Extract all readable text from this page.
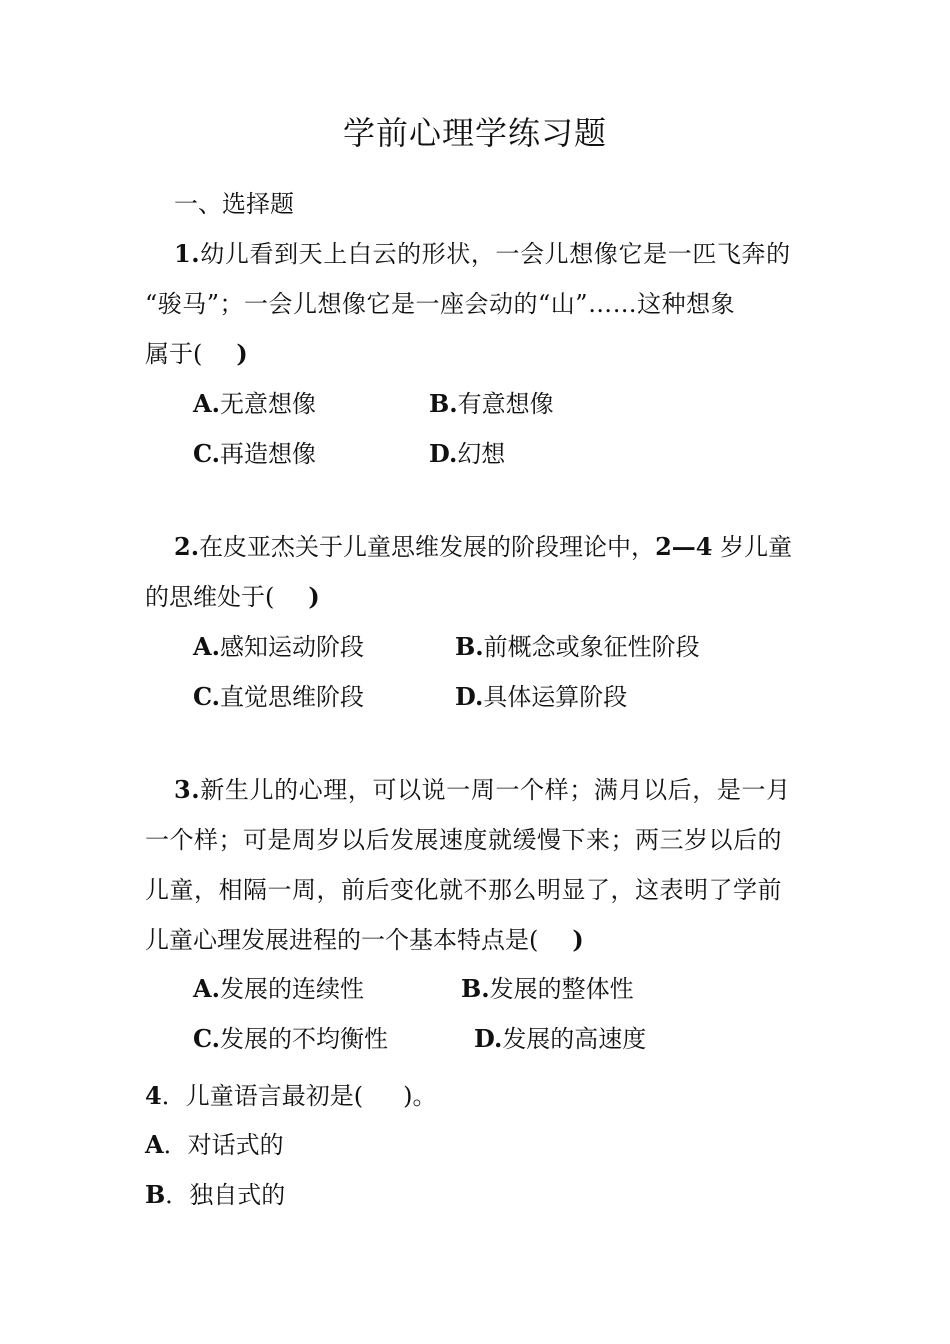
学前心理学练习题
一、选择题
1.幼儿看到天上白云的形状，一会儿想像它是一匹飞奔的
“骏马”；一会儿想像它是一座会动的“山”……这种想象
属于( )
A.无意想像	B.有意想像
C.再造想像	D.幻想
2.在皮亚杰关于儿童思维发展的阶段理论中，2—4 岁儿童
的思维处于( )
A.感知运动阶段	B.前概念或象征性阶段
C.直觉思维阶段	D.具体运算阶段
3.新生儿的心理，可以说一周一个样；满月以后，是一月
一个样；可是周岁以后发展速度就缓慢下来；两三岁以后的
儿童，相隔一周，前后变化就不那么明显了，这表明了学前
儿童心理发展进程的一个基本特点是( )
A.发展的连续性	B.发展的整体性
C.发展的不均衡性	D.发展的高速度
4．儿童语言最初是( )。
A．对话式的
B．独自式的
